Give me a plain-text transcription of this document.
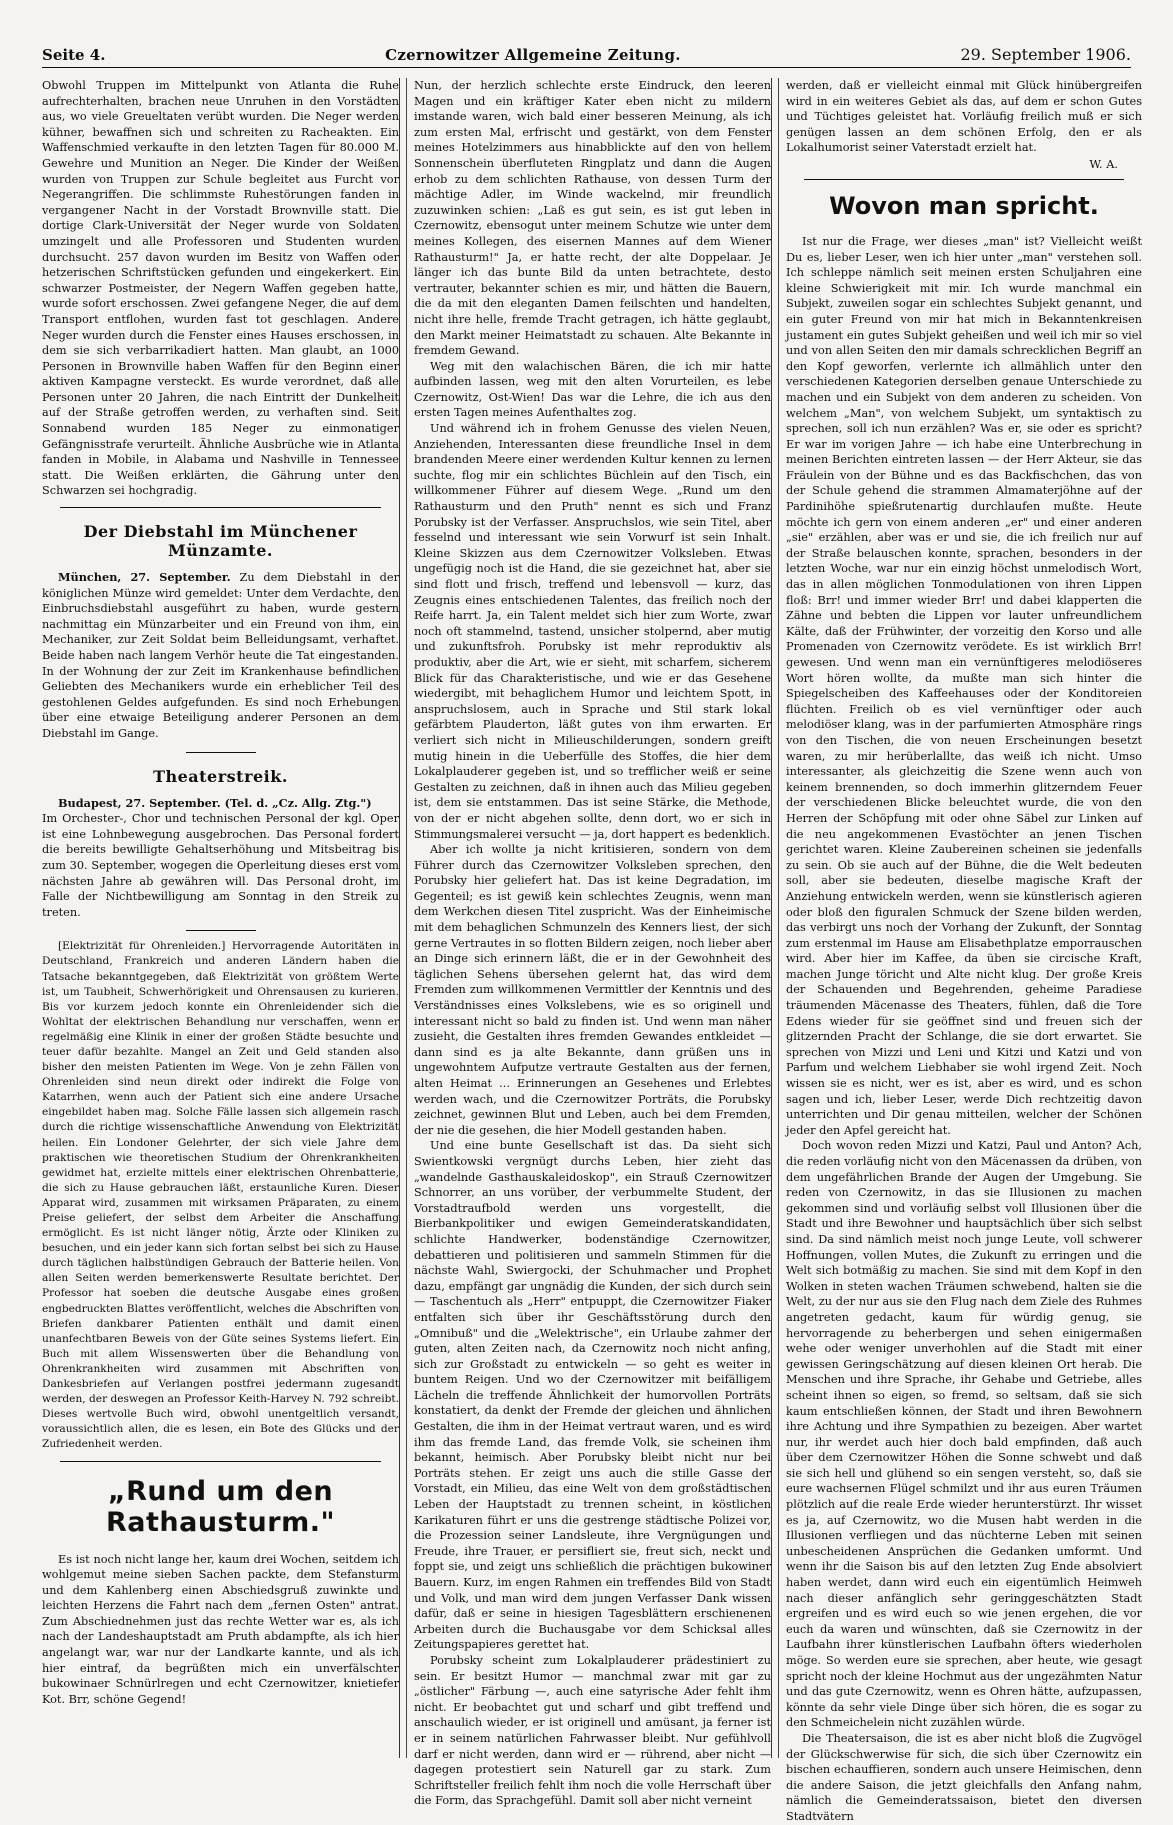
Seite 4.	Czernowitzer Allgemeine Zeitung.	29. September 1906.

Obwohl Truppen im Mittelpunkt von Atlanta die Ruhe aufrechterhalten, brachen neue Unruhen in den Vorstädten aus, wo viele Greueltaten verübt wurden. Die Neger werden kühner, bewaffnen sich und schreiten zu Racheakten. Ein Waffenschmied verkaufte in den letzten Tagen für 80.000 M. Gewehre und Munition an Neger. Die Kinder der Weißen wurden von Truppen zur Schule begleitet aus Furcht vor Negerangriffen. Die schlimmste Ruhestörungen fanden in vergangener Nacht in der Vorstadt Brownville statt. Die dortige Clark-Universität der Neger wurde von Soldaten umzingelt und alle Professoren und Studenten wurden durchsucht. 257 davon wurden im Besitz von Waffen oder hetzerischen Schriftstücken gefunden und eingekerkert. Ein schwarzer Postmeister, der Negern Waffen gegeben hatte, wurde sofort erschossen. Zwei gefangene Neger, die auf dem Transport entflohen, wurden fast tot geschlagen. Andere Neger wurden durch die Fenster eines Hauses erschossen, in dem sie sich verbarrikadiert hatten. Man glaubt, an 1000 Personen in Brownville haben Waffen für den Beginn einer aktiven Kampagne versteckt. Es wurde verordnet, daß alle Personen unter 20 Jahren, die nach Eintritt der Dunkelheit auf der Straße getroffen werden, zu verhaften sind. Seit Sonnabend wurden 185 Neger zu einmonatiger Gefängnisstrafe verurteilt. Ähnliche Ausbrüche wie in Atlanta fanden in Mobile, in Alabama und Nashville in Tennessee statt. Die Weißen erklärten, die Gährung unter den Schwarzen sei hochgradig.

Der Diebstahl im Münchener Münzamte.

München, 27. September. Zu dem Diebstahl in der königlichen Münze wird gemeldet: Unter dem Verdachte, den Einbruchsdiebstahl ausgeführt zu haben, wurde gestern nachmittag ein Münzarbeiter und ein Freund von ihm, ein Mechaniker, zur Zeit Soldat beim Belleidungsamt, verhaftet. Beide haben nach langem Verhör heute die Tat eingestanden. In der Wohnung der zur Zeit im Krankenhause befindlichen Geliebten des Mechanikers wurde ein erheblicher Teil des gestohlenen Geldes aufgefunden. Es sind noch Erhebungen über eine etwaige Beteiligung anderer Personen an dem Diebstahl im Gange.

Theaterstreik.

Budapest, 27. September. (Tel. d. „Cz. Allg. Ztg.")

Im Orchester-, Chor und technischen Personal der kgl. Oper ist eine Lohnbewegung ausgebrochen. Das Personal fordert die bereits bewilligte Gehaltserhöhung und Mitsbeitrag bis zum 30. September, wogegen die Operleitung dieses erst vom nächsten Jahre ab gewähren will. Das Personal droht, im Falle der Nichtbewilligung am Sonntag in den Streik zu treten.

[Elektrizität für Ohrenleiden.] Hervorragende Autoritäten in Deutschland, Frankreich und anderen Ländern haben die Tatsache bekanntgegeben, daß Elektrizität von größtem Werte ist, um Taubheit, Schwerhörigkeit und Ohrensausen zu kurieren. Bis vor kurzem jedoch konnte ein Ohrenleidender sich die Wohltat der elektrischen Behandlung nur verschaffen, wenn er regelmäßig eine Klinik in einer der großen Städte besuchte und teuer dafür bezahlte. Mangel an Zeit und Geld standen also bisher den meisten Patienten im Wege. Von je zehn Fällen von Ohrenleiden sind neun direkt oder indirekt die Folge von Katarrhen, wenn auch der Patient sich eine andere Ursache eingebildet haben mag. Solche Fälle lassen sich allgemein rasch durch die richtige wissenschaftliche Anwendung von Elektrizität heilen. Ein Londoner Gelehrter, der sich viele Jahre dem praktischen wie theoretischen Studium der Ohrenkrankheiten gewidmet hat, erzielte mittels einer elektrischen Ohrenbatterie, die sich zu Hause gebrauchen läßt, erstaunliche Kuren. Dieser Apparat wird, zusammen mit wirksamen Präparaten, zu einem Preise geliefert, der selbst dem Arbeiter die Anschaffung ermöglicht. Es ist nicht länger nötig, Ärzte oder Kliniken zu besuchen, und ein jeder kann sich fortan selbst bei sich zu Hause durch täglichen halbstündigen Gebrauch der Batterie heilen. Von allen Seiten werden bemerkenswerte Resultate berichtet. Der Professor hat soeben die deutsche Ausgabe eines großen engbedruckten Blattes veröffentlicht, welches die Abschriften von Briefen dankbarer Patienten enthält und damit einen unanfechtbaren Beweis von der Güte seines Systems liefert. Ein Buch mit allem Wissenswerten über die Behandlung von Ohrenkrankheiten wird zusammen mit Abschriften von Dankesbriefen auf Verlangen postfrei jedermann zugesandt werden, der deswegen an Professor Keith-Harvey N. 792 schreibt. Dieses wertvolle Buch wird, obwohl unentgeltlich versandt, voraussichtlich allen, die es lesen, ein Bote des Glücks und der Zufriedenheit werden.

„Rund um den Rathausturm."

Es ist noch nicht lange her, kaum drei Wochen, seitdem ich wohlgemut meine sieben Sachen packte, dem Stefansturm und dem Kahlenberg einen Abschiedsgruß zuwinkte und leichten Herzens die Fahrt nach dem „fernen Osten" antrat. Zum Abschiednehmen just das rechte Wetter war es, als ich nach der Landeshauptstadt am Pruth abdampfte, als ich hier angelangt war, war nur der Landkarte kannte, und als ich hier eintraf, da begrüßten mich ein unverfälschter bukowinaer Schnürlregen und echt Czernowitzer, knietiefer Kot. Brr, schöne Gegend!

Nun, der herzlich schlechte erste Eindruck, den leeren Magen und ein kräftiger Kater eben nicht zu mildern imstande waren, wich bald einer besseren Meinung, als ich zum ersten Mal, erfrischt und gestärkt, von dem Fenster meines Hotelzimmers aus hinabblickte auf den von hellem Sonnenschein überfluteten Ringplatz und dann die Augen erhob zu dem schlichten Rathause, von dessen Turm der mächtige Adler, im Winde wackelnd, mir freundlich zuzuwinken schien: „Laß es gut sein, es ist gut leben in Czernowitz, ebensogut unter meinem Schutze wie unter dem meines Kollegen, des eisernen Mannes auf dem Wiener Rathausturm!" Ja, er hatte recht, der alte Doppelaar. Je länger ich das bunte Bild da unten betrachtete, desto vertrauter, bekannter schien es mir, und hätten die Bauern, die da mit den eleganten Damen feilschten und handelten, nicht ihre helle, fremde Tracht getragen, ich hätte geglaubt, den Markt meiner Heimatstadt zu schauen. Alte Bekannte in fremdem Gewand.

Weg mit den walachischen Bären, die ich mir hatte aufbinden lassen, weg mit den alten Vorurteilen, es lebe Czernowitz, Ost-Wien! Das war die Lehre, die ich aus den ersten Tagen meines Aufenthaltes zog.

Und während ich in frohem Genusse des vielen Neuen, Anziehenden, Interessanten diese freundliche Insel in dem brandenden Meere einer werdenden Kultur kennen zu lernen suchte, flog mir ein schlichtes Büchlein auf den Tisch, ein willkommener Führer auf diesem Wege. „Rund um den Rathausturm und den Pruth" nennt es sich und Franz Porubsky ist der Verfasser. Anspruchslos, wie sein Titel, aber fesselnd und interessant wie sein Vorwurf ist sein Inhalt. Kleine Skizzen aus dem Czernowitzer Volksleben. Etwas ungefügig noch ist die Hand, die sie gezeichnet hat, aber sie sind flott und frisch, treffend und lebensvoll — kurz, das Zeugnis eines entschiedenen Talentes, das freilich noch der Reife harrt. Ja, ein Talent meldet sich hier zum Worte, zwar noch oft stammelnd, tastend, unsicher stolpernd, aber mutig und zukunftsfroh. Porubsky ist mehr reproduktiv als produktiv, aber die Art, wie er sieht, mit scharfem, sicherem Blick für das Charakteristische, und wie er das Gesehene wiedergibt, mit behaglichem Humor und leichtem Spott, in anspruchslosem, auch in Sprache und Stil stark lokal gefärbtem Plauderton, läßt gutes von ihm erwarten. Er verliert sich nicht in Milieuschilderungen, sondern greift mutig hinein in die Ueberfülle des Stoffes, die hier dem Lokalplauderer gegeben ist, und so trefflicher weiß er seine Gestalten zu zeichnen, daß in ihnen auch das Milieu gegeben ist, dem sie entstammen. Das ist seine Stärke, die Methode, von der er nicht abgehen sollte, denn dort, wo er sich in Stimmungsmalerei versucht — ja, dort happert es bedenklich.

Aber ich wollte ja nicht kritisieren, sondern von dem Führer durch das Czernowitzer Volksleben sprechen, den Porubsky hier geliefert hat. Das ist keine Degradation, im Gegenteil; es ist gewiß kein schlechtes Zeugnis, wenn man dem Werkchen diesen Titel zuspricht. Was der Einheimische mit dem behaglichen Schmunzeln des Kenners liest, der sich gerne Vertrautes in so flotten Bildern zeigen, noch lieber aber an Dinge sich erinnern läßt, die er in der Gewohnheit des täglichen Sehens übersehen gelernt hat, das wird dem Fremden zum willkommenen Vermittler der Kenntnis und des Verständnisses eines Volkslebens, wie es so originell und interessant nicht so bald zu finden ist. Und wenn man näher zusieht, die Gestalten ihres fremden Gewandes entkleidet — dann sind es ja alte Bekannte, dann grüßen uns in ungewohntem Aufputze vertraute Gestalten aus der fernen, alten Heimat ... Erinnerungen an Gesehenes und Erlebtes werden wach, und die Czernowitzer Porträts, die Porubsky zeichnet, gewinnen Blut und Leben, auch bei dem Fremden, der nie die gesehen, die hier Modell gestanden haben.

Und eine bunte Gesellschaft ist das. Da sieht sich Swientkowski vergnügt durchs Leben, hier zieht das „wandelnde Gasthauskaleidoskop", ein Strauß Czernowitzer Schnorrer, an uns vorüber, der verbummelte Student, der Vorstadtraufbold werden uns vorgestellt, die Bierbankpolitiker und ewigen Gemeinderatskandidaten, schlichte Handwerker, bodenständige Czernowitzer, debattieren und politisieren und sammeln Stimmen für die nächste Wahl, Swiergocki, der Schuhmacher und Prophet dazu, empfängt gar ungnädig die Kunden, der sich durch sein — Taschentuch als „Herr" entpuppt, die Czernowitzer Fiaker entfalten sich über ihr Geschäftsstörung durch den „Omnibuß" und die „Welektrische", ein Urlaube zahmer der guten, alten Zeiten nach, da Czernowitz noch nicht anfing, sich zur Großstadt zu entwickeln — so geht es weiter in buntem Reigen. Und wo der Czernowitzer mit beifälligem Lächeln die treffende Ähnlichkeit der humorvollen Porträts konstatiert, da denkt der Fremde der gleichen und ähnlichen Gestalten, die ihm in der Heimat vertraut waren, und es wird ihm das fremde Land, das fremde Volk, sie scheinen ihm bekannt, heimisch. Aber Porubsky bleibt nicht nur bei Porträts stehen. Er zeigt uns auch die stille Gasse der Vorstadt, ein Milieu, das eine Welt von dem großstädtischen Leben der Hauptstadt zu trennen scheint, in köstlichen Karikaturen führt er uns die gestrenge städtische Polizei vor, die Prozession seiner Landsleute, ihre Vergnügungen und Freude, ihre Trauer, er persifliert sie, freut sich, neckt und foppt sie, und zeigt uns schließlich die prächtigen bukowiner Bauern. Kurz, im engen Rahmen ein treffendes Bild von Stadt und Volk, und man wird dem jungen Verfasser Dank wissen dafür, daß er seine in hiesigen Tagesblättern erschienenen Arbeiten durch die Buchausgabe vor dem Schicksal alles Zeitungspapieres gerettet hat.

Porubsky scheint zum Lokalplauderer prädestiniert zu sein. Er besitzt Humor — manchmal zwar mit gar zu „östlicher" Färbung —, auch eine satyrische Ader fehlt ihm nicht. Er beobachtet gut und scharf und gibt treffend und anschaulich wieder, er ist originell und amüsant, ja ferner ist er in seinem natürlichen Fahrwasser bleibt. Nur gefühlvoll darf er nicht werden, dann wird er — rührend, aber nicht — dagegen protestiert sein Naturell gar zu stark. Zum Schriftsteller freilich fehlt ihm noch die volle Herrschaft über die Form, das Sprachgefühl. Damit soll aber nicht verneint

werden, daß er vielleicht einmal mit Glück hinübergreifen wird in ein weiteres Gebiet als das, auf dem er schon Gutes und Tüchtiges geleistet hat. Vorläufig freilich muß er sich genügen lassen an dem schönen Erfolg, den er als Lokalhumorist seiner Vaterstadt erzielt hat.

W. A.
Wovon man spricht.

Ist nur die Frage, wer dieses „man" ist? Vielleicht weißt Du es, lieber Leser, wen ich hier unter „man" verstehen soll. Ich schleppe nämlich seit meinen ersten Schuljahren eine kleine Schwierigkeit mit mir. Ich wurde manchmal ein Subjekt, zuweilen sogar ein schlechtes Subjekt genannt, und ein guter Freund von mir hat mich in Bekanntenkreisen justament ein gutes Subjekt geheißen und weil ich mir so viel und von allen Seiten den mir damals schrecklichen Begriff an den Kopf geworfen, verlernte ich allmählich unter den verschiedenen Kategorien derselben genaue Unterschiede zu machen und ein Subjekt von dem anderen zu scheiden. Von welchem „Man", von welchem Subjekt, um syntaktisch zu sprechen, soll ich nun erzählen? Was er, sie oder es spricht? Er war im vorigen Jahre — ich habe eine Unterbrechung in meinen Berichten eintreten lassen — der Herr Akteur, sie das Fräulein von der Bühne und es das Backfischchen, das von der Schule gehend die strammen Almamaterjöhne auf der Pardinihöhe spießrutenartig durchlaufen mußte. Heute möchte ich gern von einem anderen „er" und einer anderen „sie" erzählen, aber was er und sie, die ich freilich nur auf der Straße belauschen konnte, sprachen, besonders in der letzten Woche, war nur ein einzig höchst unmelodisch Wort, das in allen möglichen Tonmodulationen von ihren Lippen floß: Brr! und immer wieder Brr! und dabei klapperten die Zähne und bebten die Lippen vor lauter unfreundlichem Kälte, daß der Frühwinter, der vorzeitig den Korso und alle Promenaden von Czernowitz verödete. Es ist wirklich Brr! gewesen. Und wenn man ein vernünftigeres melodiöseres Wort hören wollte, da mußte man sich hinter die Spiegelscheiben des Kaffeehauses oder der Konditoreien flüchten. Freilich ob es viel vernünftiger oder auch melodiöser klang, was in der parfumierten Atmosphäre rings von den Tischen, die von neuen Erscheinungen besetzt waren, zu mir herüberlallte, das weiß ich nicht. Umso interessanter, als gleichzeitig die Szene wenn auch von keinem brennenden, so doch immerhin glitzerndem Feuer der verschiedenen Blicke beleuchtet wurde, die von den Herren der Schöpfung mit oder ohne Säbel zur Linken auf die neu angekommenen Evastöchter an jenen Tischen gerichtet waren. Kleine Zaubereinen scheinen sie jedenfalls zu sein. Ob sie auch auf der Bühne, die die Welt bedeuten soll, aber sie bedeuten, dieselbe magische Kraft der Anziehung entwickeln werden, wenn sie künstlerisch agieren oder bloß den figuralen Schmuck der Szene bilden werden, das verbirgt uns noch der Vorhang der Zukunft, der Sonntag zum erstenmal im Hause am Elisabethplatze emporrauschen wird. Aber hier im Kaffee, da üben sie circische Kraft, machen Junge töricht und Alte nicht klug. Der große Kreis der Schauenden und Begehrenden, geheime Paradiese träumenden Mäcenasse des Theaters, fühlen, daß die Tore Edens wieder für sie geöffnet sind und freuen sich der glitzernden Pracht der Schlange, die sie dort erwartet. Sie sprechen von Mizzi und Leni und Kitzi und Katzi und von Parfum und welchem Liebhaber sie wohl irgend Zeit. Noch wissen sie es nicht, wer es ist, aber es wird, und es schon sagen und ich, lieber Leser, werde Dich rechtzeitig davon unterrichten und Dir genau mitteilen, welcher der Schönen jeder den Apfel gereicht hat.

Doch wovon reden Mizzi und Katzi, Paul und Anton? Ach, die reden vorläufig nicht von den Mäcenassen da drüben, von dem ungefährlichen Brande der Augen der Umgebung. Sie reden von Czernowitz, in das sie Illusionen zu machen gekommen sind und vorläufig selbst voll Illusionen über die Stadt und ihre Bewohner und hauptsächlich über sich selbst sind. Da sind nämlich meist noch junge Leute, voll schwerer Hoffnungen, vollen Mutes, die Zukunft zu erringen und die Welt sich botmäßig zu machen. Sie sind mit dem Kopf in den Wolken in steten wachen Träumen schwebend, halten sie die Welt, zu der nur aus sie den Flug nach dem Ziele des Ruhmes angetreten gedacht, kaum für würdig genug, sie hervorragende zu beherbergen und sehen einigermaßen wehe oder weniger unverhohlen auf die Stadt mit einer gewissen Geringschätzung auf diesen kleinen Ort herab. Die Menschen und ihre Sprache, ihr Gehabe und Getriebe, alles scheint ihnen so eigen, so fremd, so seltsam, daß sie sich kaum entschließen können, der Stadt und ihren Bewohnern ihre Achtung und ihre Sympathien zu bezeigen. Aber wartet nur, ihr werdet auch hier doch bald empfinden, daß auch über dem Czernowitzer Höhen die Sonne schwebt und daß sie sich hell und glühend so ein sengen versteht, so, daß sie eure wachsernen Flügel schmilzt und ihr aus euren Träumen plötzlich auf die reale Erde wieder herunterstürzt. Ihr wisset es ja, auf Czernowitz, wo die Musen habt werden in die Illusionen verfliegen und das nüchterne Leben mit seinen unbescheidenen Ansprüchen die Gedanken umformt. Und wenn ihr die Saison bis auf den letzten Zug Ende absolviert haben werdet, dann wird euch ein eigentümlich Heimweh nach dieser anfänglich sehr geringgeschätzten Stadt ergreifen und es wird euch so wie jenen ergehen, die vor euch da waren und wünschten, daß sie Czernowitz in der Laufbahn ihrer künstlerischen Laufbahn öfters wiederholen möge. So werden eure sie sprechen, aber heute, wie gesagt spricht noch der kleine Hochmut aus der ungezähmten Natur und das gute Czernowitz, wenn es Ohren hätte, aufzupassen, könnte da sehr viele Dinge über sich hören, die es sogar zu den Schmeichelein nicht zuzählen würde.

Die Theatersaison, die ist es aber nicht bloß die Zugvögel der Glückschwerwise für sich, die sich über Czernowitz ein bischen echauffieren, sondern auch unsere Heimischen, denn die andere Saison, die jetzt gleichfalls den Anfang nahm, nämlich die Gemeinderatssaison, bietet den diversen Stadtvätern
